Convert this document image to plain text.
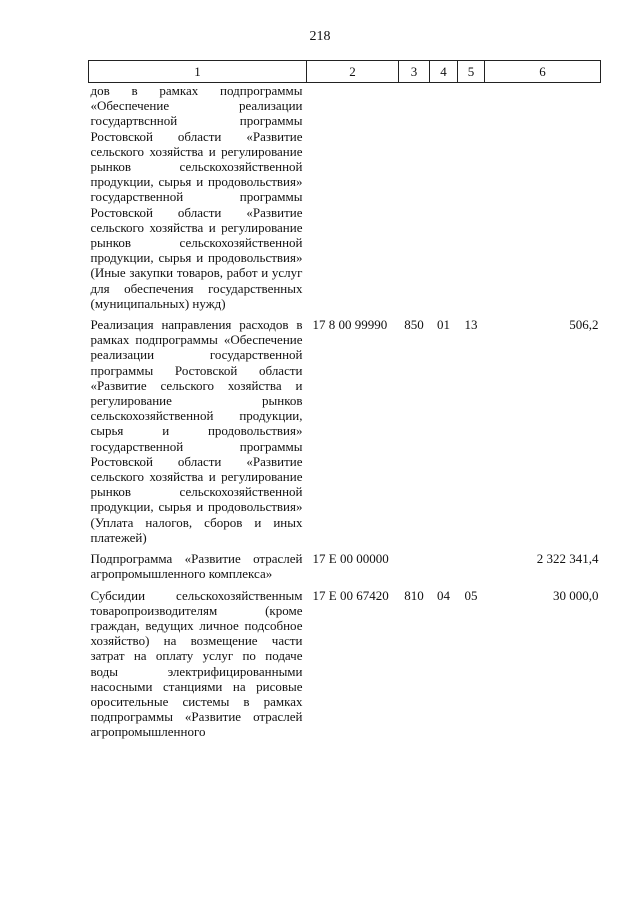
218
1	2	3	4	5	6
дов в рамках подпрограммы «Обеспечение реализации государтвснной программы Ростовской области «Развитие сельского хозяйства и регулирование рынков сельскохозяйственной продукции, сырья и продовольствия» государственной программы Ростовской области «Развитие сельского хозяйства и регулирование рынков сельскохозяйственной продукции, сырья и продовольствия» (Иные закупки товаров, работ и услуг для обеспечения государственных (муниципальных) нужд)					
Реализация направления расходов в рамках подпрограммы «Обеспечение реализации государственной программы Ростовской области «Развитие сельского хозяйства и регулирование рынков сельскохозяйственной продукции, сырья и продовольствия» государственной программы Ростовской области «Развитие сельского хозяйства и регулирование рынков сельскохозяйственной продукции, сырья и продовольствия» (Уплата налогов, сборов и иных платежей)	17 8 00 99990	850	01	13	506,2
Подпрограмма «Развитие отраслей агропромышленного комплекса»	17 Е 00 00000				2 322 341,4
Субсидии сельскохозяйственным товаропроизводителям (кроме граждан, ведущих личное подсобное хозяйство) на возмещение части затрат на оплату услуг по подаче воды электрифицированными насосными станциями на рисовые оросительные системы в рамках подпрограммы «Развитие отраслей агропромышленного	17 Е 00 67420	810	04	05	30 000,0
